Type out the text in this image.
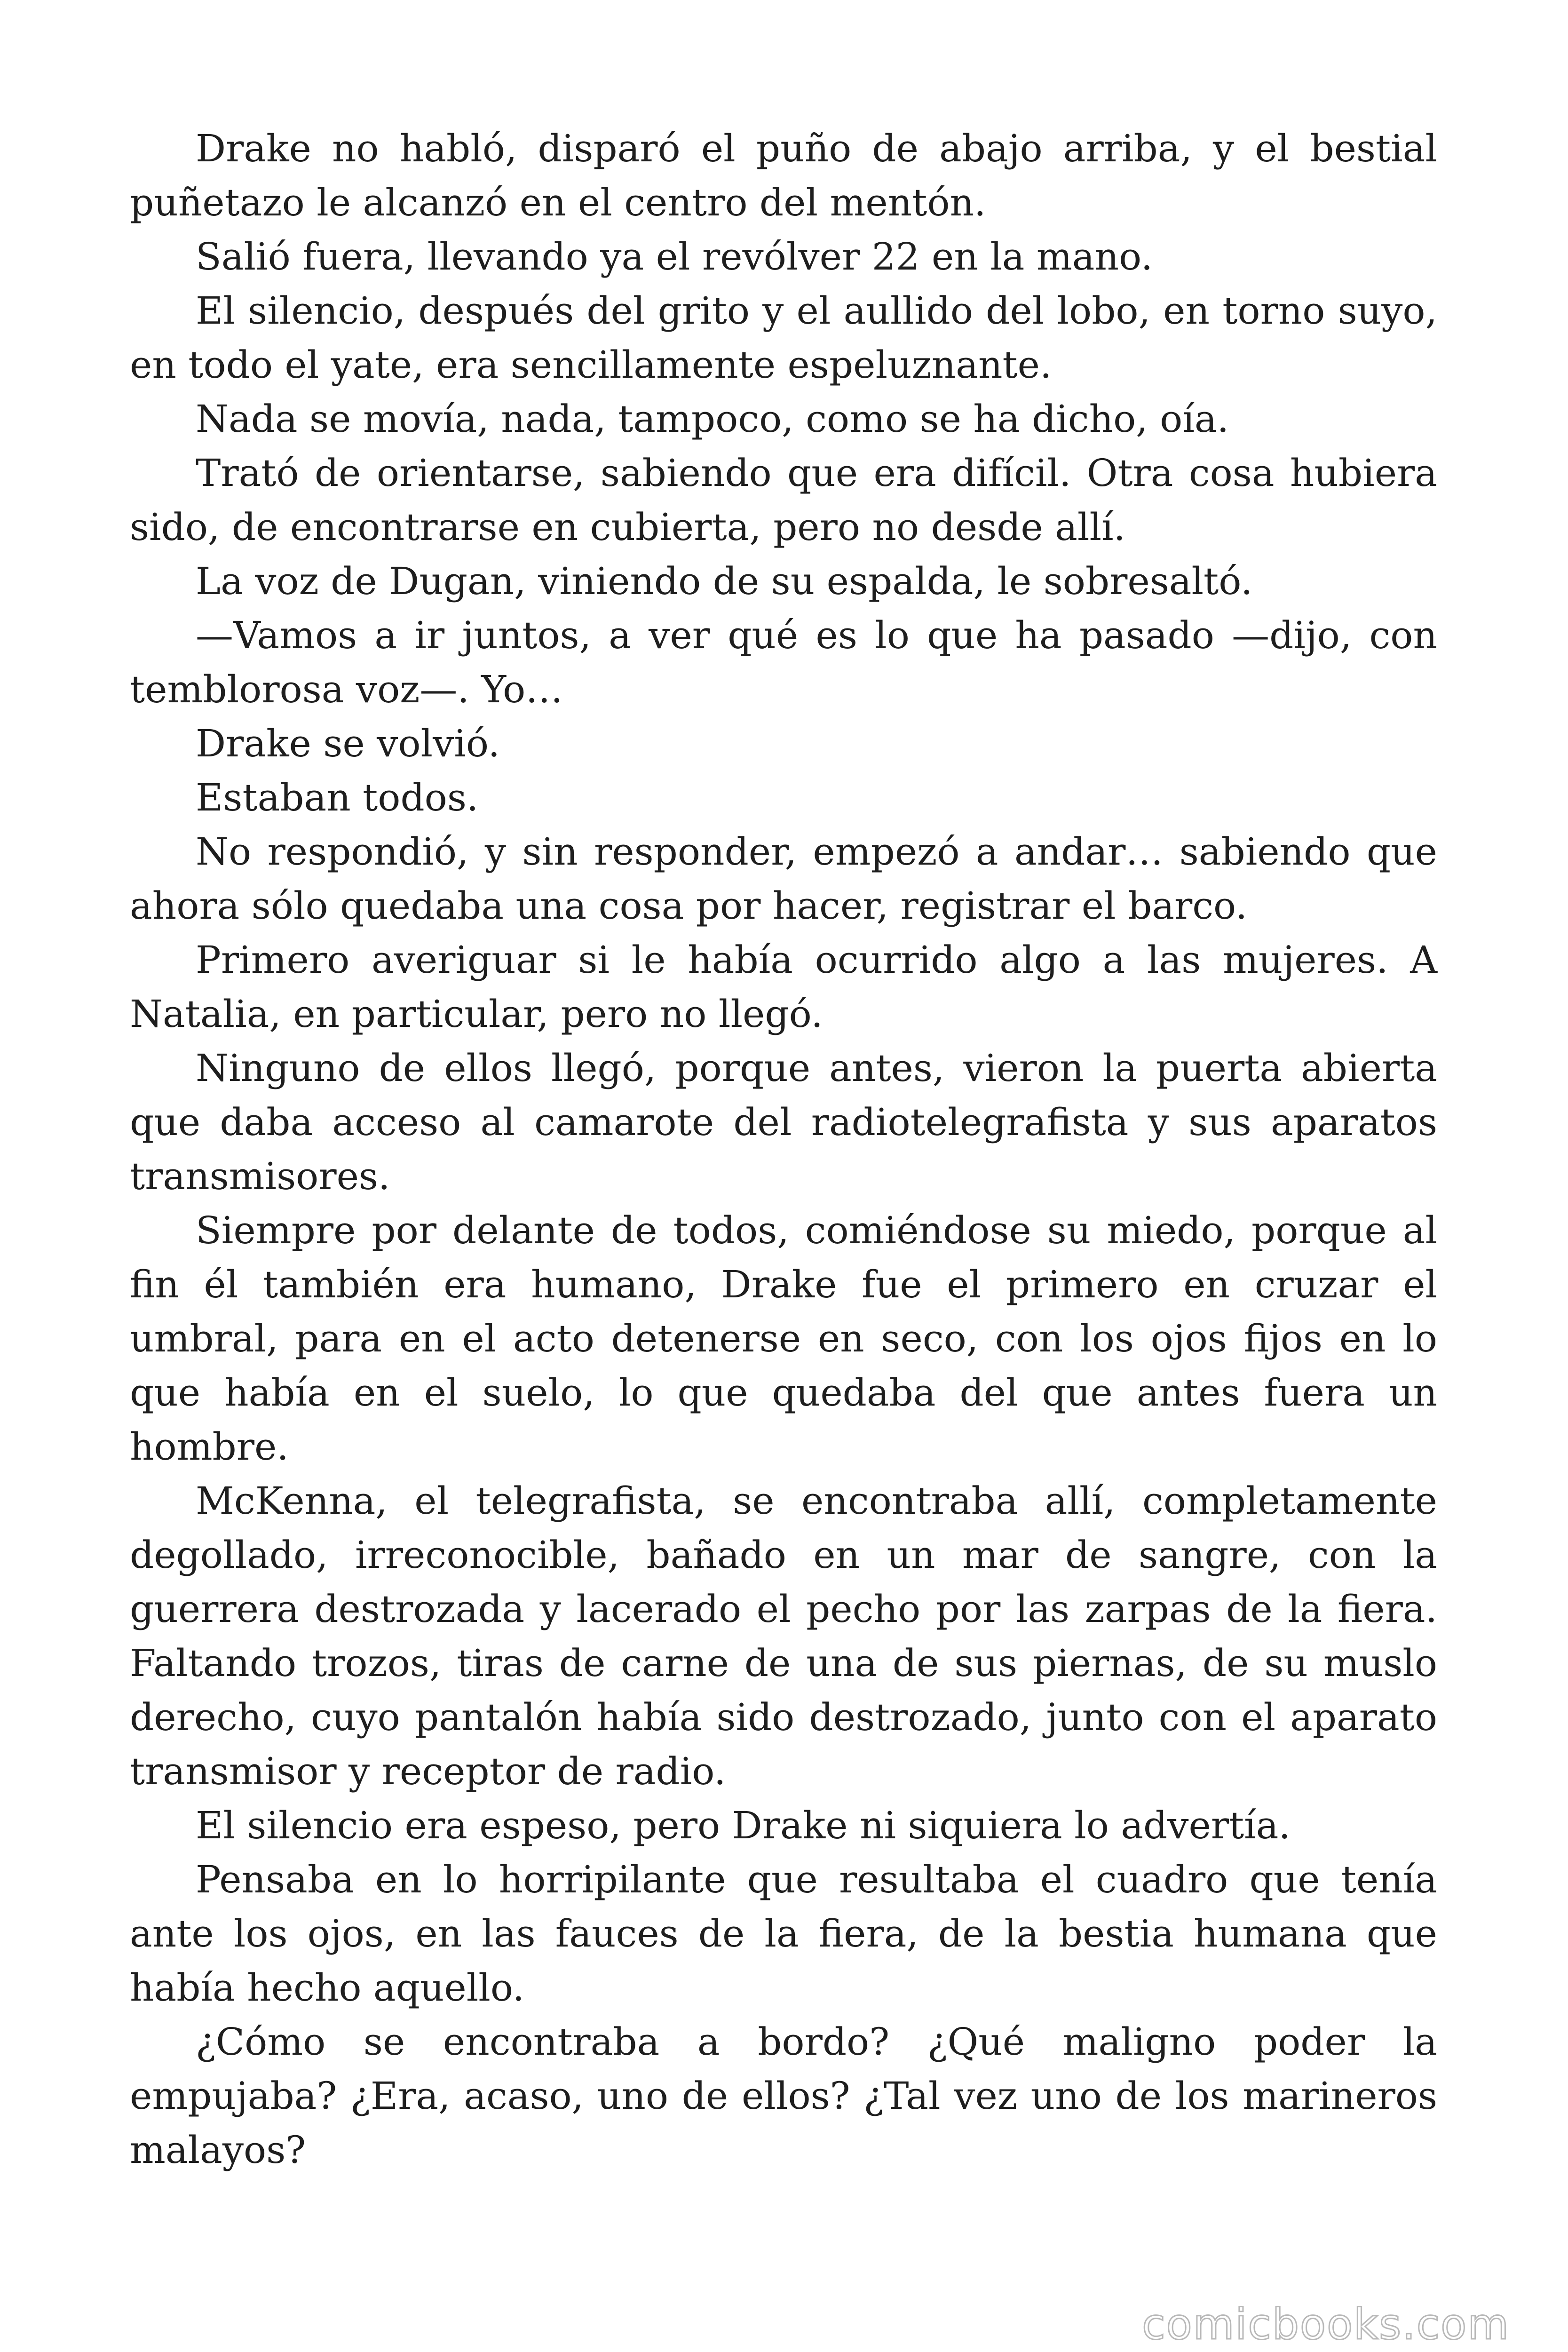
Drake no habló, disparó el puño de abajo arriba, y el bestial puñetazo le alcanzó en el centro del mentón.

Salió fuera, llevando ya el revólver 22 en la mano.

El silencio, después del grito y el aullido del lobo, en torno suyo, en todo el yate, era sencillamente espeluznante.

Nada se movía, nada, tampoco, como se ha dicho, oía.

Trató de orientarse, sabiendo que era difícil. Otra cosa hubiera sido, de encontrarse en cubierta, pero no desde allí.

La voz de Dugan, viniendo de su espalda, le sobresaltó.

—Vamos a ir juntos, a ver qué es lo que ha pasado —dijo, con temblorosa voz—. Yo…

Drake se volvió.

Estaban todos.

No respondió, y sin responder, empezó a andar… sabiendo que ahora sólo quedaba una cosa por hacer, registrar el barco.

Primero averiguar si le había ocurrido algo a las mujeres. A Natalia, en particular, pero no llegó.

Ninguno de ellos llegó, porque antes, vieron la puerta abierta que daba acceso al camarote del radiotelegrafista y sus aparatos transmisores.

Siempre por delante de todos, comiéndose su miedo, porque al fin él también era humano, Drake fue el primero en cruzar el umbral, para en el acto detenerse en seco, con los ojos fijos en lo que había en el suelo, lo que quedaba del que antes fuera un hombre.

McKenna, el telegrafista, se encontraba allí, completamente degollado, irreconocible, bañado en un mar de sangre, con la guerrera destrozada y lacerado el pecho por las zarpas de la fiera. Faltando trozos, tiras de carne de una de sus piernas, de su muslo derecho, cuyo pantalón había sido destrozado, junto con el aparato transmisor y receptor de radio.

El silencio era espeso, pero Drake ni siquiera lo advertía.

Pensaba en lo horripilante que resultaba el cuadro que tenía ante los ojos, en las fauces de la fiera, de la bestia humana que había hecho aquello.

¿Cómo se encontraba a bordo? ¿Qué maligno poder la empujaba? ¿Era, acaso, uno de ellos? ¿Tal vez uno de los marineros malayos?

comicbooks.com
